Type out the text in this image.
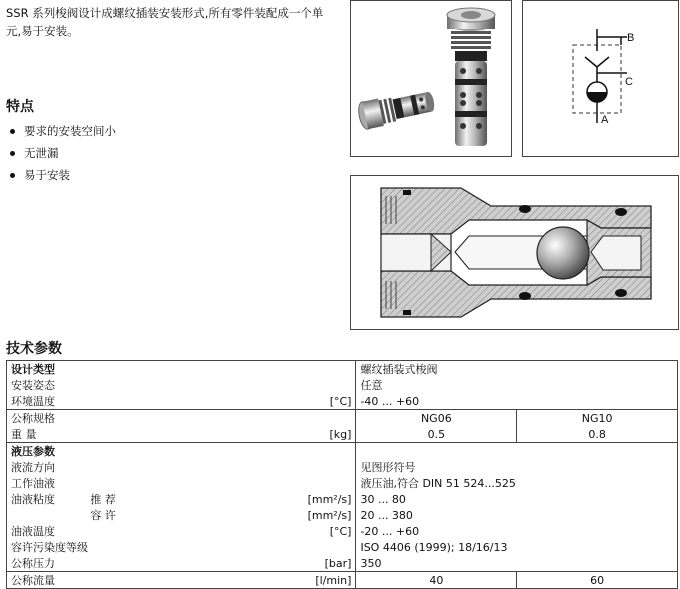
SSR 系列梭阀设计成螺纹插装安装形式,所有零件装配成一个单
元,易于安装。
特点
要求的安装空间小
无泄漏
易于安装
B
C
A
技术参数
设计类型			螺纹插装式梭阀	
安装姿态			任意	
环境温度		[°C]	-40 ... +60	
公称规格			NG06	NG10
重 量		[kg]	0.5	0.8
液压参数				
液流方向			见图形符号	
工作油液			液压油,符合 DIN 51 524...525	
油液粘度	推 荐	[mm²/s]	30 ... 80	
	容 许	[mm²/s]	20 ... 380	
油液温度		[°C]	-20 ... +60	
容许污染度等级			ISO 4406 (1999); 18/16/13	
公称压力		[bar]	350	
公称流量		[l/min]	40	60
